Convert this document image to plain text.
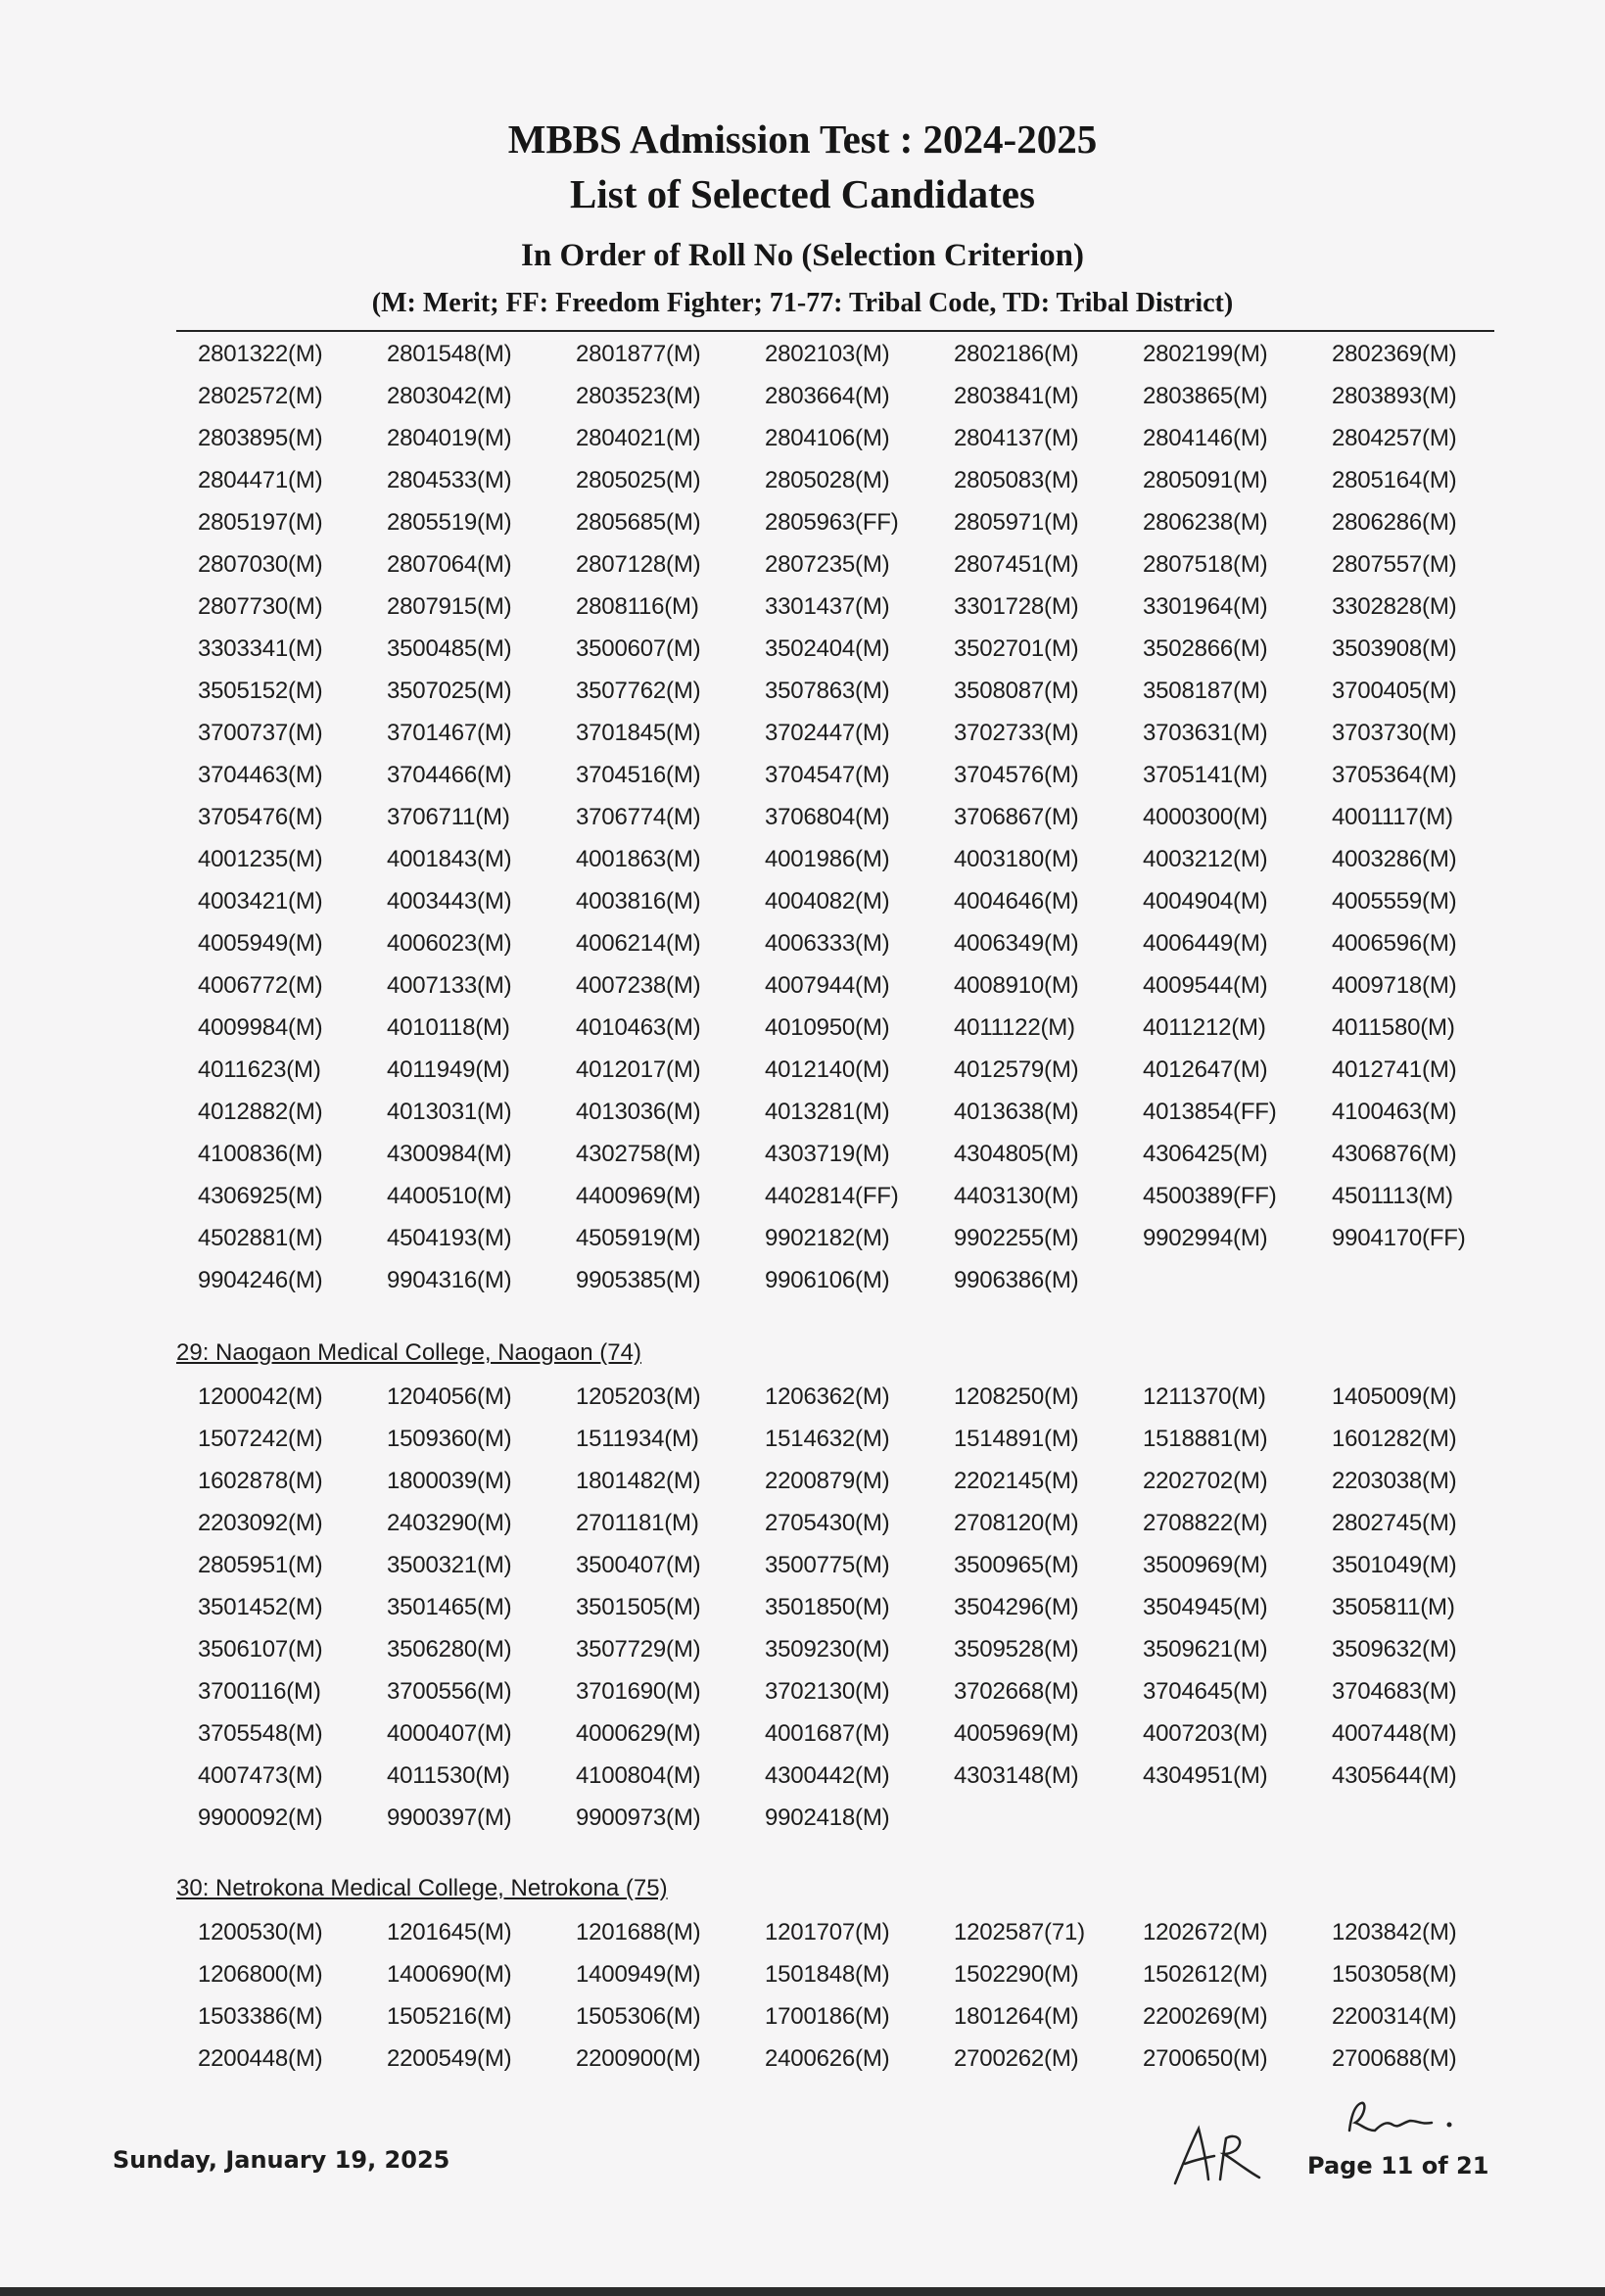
MBBS Admission Test : 2024-2025
List of Selected Candidates
In Order of Roll No (Selection Criterion)
(M: Merit; FF: Freedom Fighter; 71-77: Tribal Code, TD: Tribal District)
2801322(M)	2801548(M)	2801877(M)	2802103(M)	2802186(M)	2802199(M)	2802369(M)
2802572(M)	2803042(M)	2803523(M)	2803664(M)	2803841(M)	2803865(M)	2803893(M)
2803895(M)	2804019(M)	2804021(M)	2804106(M)	2804137(M)	2804146(M)	2804257(M)
2804471(M)	2804533(M)	2805025(M)	2805028(M)	2805083(M)	2805091(M)	2805164(M)
2805197(M)	2805519(M)	2805685(M)	2805963(FF)	2805971(M)	2806238(M)	2806286(M)
2807030(M)	2807064(M)	2807128(M)	2807235(M)	2807451(M)	2807518(M)	2807557(M)
2807730(M)	2807915(M)	2808116(M)	3301437(M)	3301728(M)	3301964(M)	3302828(M)
3303341(M)	3500485(M)	3500607(M)	3502404(M)	3502701(M)	3502866(M)	3503908(M)
3505152(M)	3507025(M)	3507762(M)	3507863(M)	3508087(M)	3508187(M)	3700405(M)
3700737(M)	3701467(M)	3701845(M)	3702447(M)	3702733(M)	3703631(M)	3703730(M)
3704463(M)	3704466(M)	3704516(M)	3704547(M)	3704576(M)	3705141(M)	3705364(M)
3705476(M)	3706711(M)	3706774(M)	3706804(M)	3706867(M)	4000300(M)	4001117(M)
4001235(M)	4001843(M)	4001863(M)	4001986(M)	4003180(M)	4003212(M)	4003286(M)
4003421(M)	4003443(M)	4003816(M)	4004082(M)	4004646(M)	4004904(M)	4005559(M)
4005949(M)	4006023(M)	4006214(M)	4006333(M)	4006349(M)	4006449(M)	4006596(M)
4006772(M)	4007133(M)	4007238(M)	4007944(M)	4008910(M)	4009544(M)	4009718(M)
4009984(M)	4010118(M)	4010463(M)	4010950(M)	4011122(M)	4011212(M)	4011580(M)
4011623(M)	4011949(M)	4012017(M)	4012140(M)	4012579(M)	4012647(M)	4012741(M)
4012882(M)	4013031(M)	4013036(M)	4013281(M)	4013638(M)	4013854(FF)	4100463(M)
4100836(M)	4300984(M)	4302758(M)	4303719(M)	4304805(M)	4306425(M)	4306876(M)
4306925(M)	4400510(M)	4400969(M)	4402814(FF)	4403130(M)	4500389(FF)	4501113(M)
4502881(M)	4504193(M)	4505919(M)	9902182(M)	9902255(M)	9902994(M)	9904170(FF)
9904246(M)	9904316(M)	9905385(M)	9906106(M)	9906386(M)
29: Naogaon Medical College, Naogaon (74)
1200042(M)	1204056(M)	1205203(M)	1206362(M)	1208250(M)	1211370(M)	1405009(M)
1507242(M)	1509360(M)	1511934(M)	1514632(M)	1514891(M)	1518881(M)	1601282(M)
1602878(M)	1800039(M)	1801482(M)	2200879(M)	2202145(M)	2202702(M)	2203038(M)
2203092(M)	2403290(M)	2701181(M)	2705430(M)	2708120(M)	2708822(M)	2802745(M)
2805951(M)	3500321(M)	3500407(M)	3500775(M)	3500965(M)	3500969(M)	3501049(M)
3501452(M)	3501465(M)	3501505(M)	3501850(M)	3504296(M)	3504945(M)	3505811(M)
3506107(M)	3506280(M)	3507729(M)	3509230(M)	3509528(M)	3509621(M)	3509632(M)
3700116(M)	3700556(M)	3701690(M)	3702130(M)	3702668(M)	3704645(M)	3704683(M)
3705548(M)	4000407(M)	4000629(M)	4001687(M)	4005969(M)	4007203(M)	4007448(M)
4007473(M)	4011530(M)	4100804(M)	4300442(M)	4303148(M)	4304951(M)	4305644(M)
9900092(M)	9900397(M)	9900973(M)	9902418(M)
30: Netrokona Medical College, Netrokona (75)
1200530(M)	1201645(M)	1201688(M)	1201707(M)	1202587(71)	1202672(M)	1203842(M)
1206800(M)	1400690(M)	1400949(M)	1501848(M)	1502290(M)	1502612(M)	1503058(M)
1503386(M)	1505216(M)	1505306(M)	1700186(M)	1801264(M)	2200269(M)	2200314(M)
2200448(M)	2200549(M)	2200900(M)	2400626(M)	2700262(M)	2700650(M)	2700688(M)
Sunday, January 19, 2025	Page 11 of 21
